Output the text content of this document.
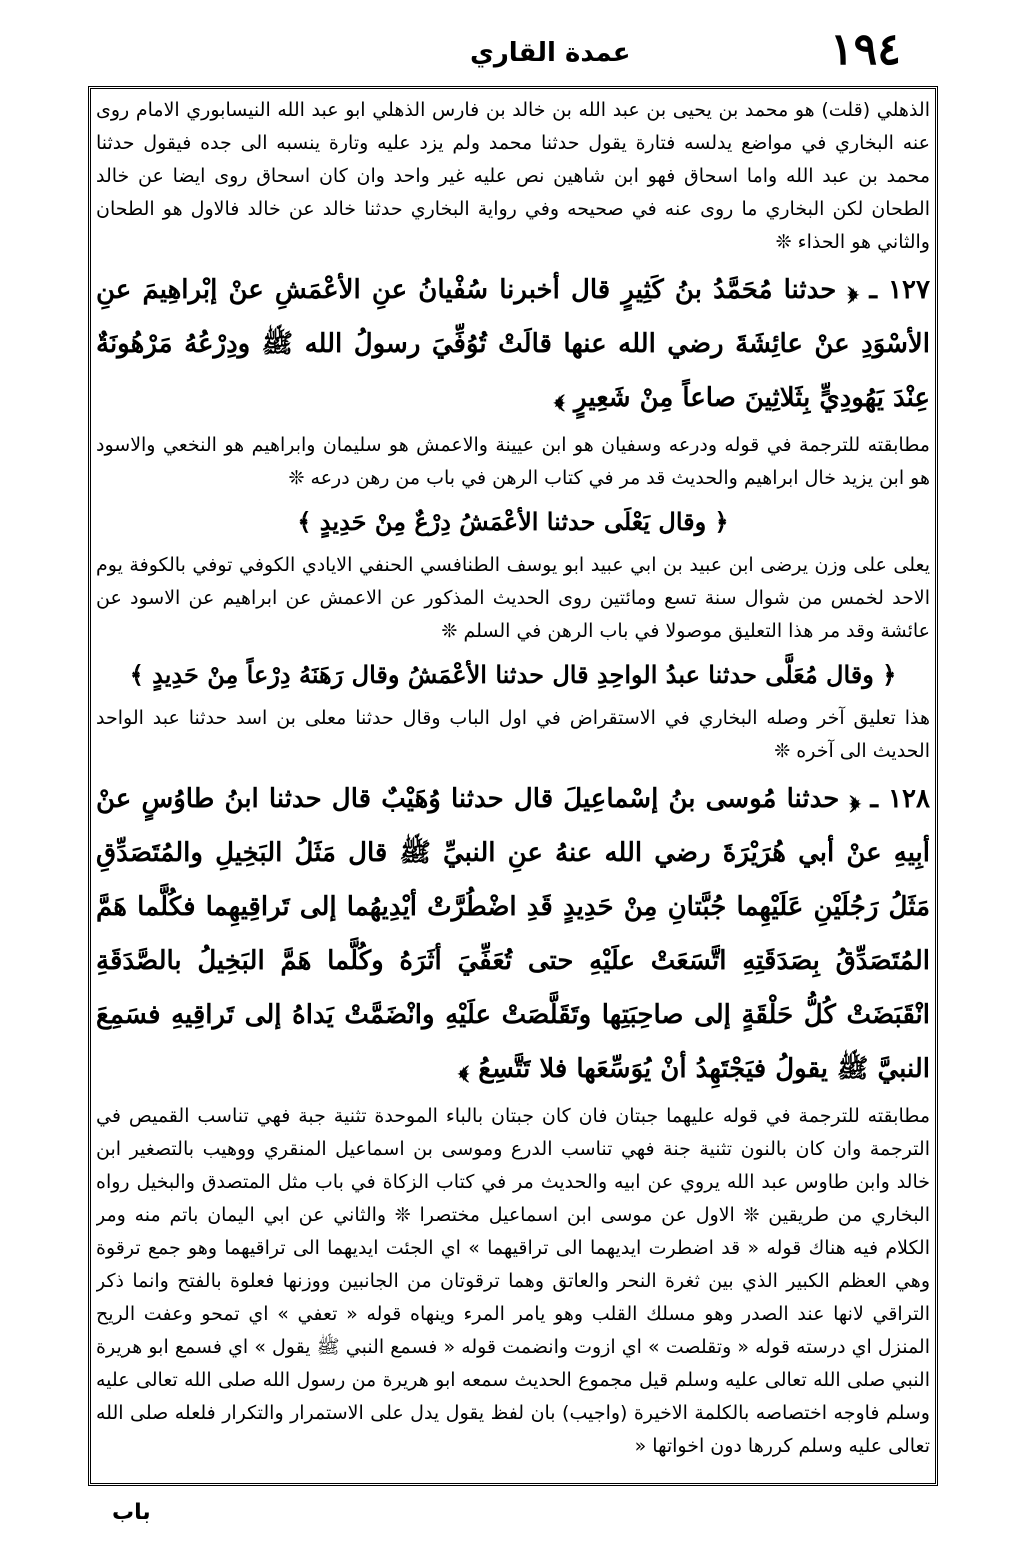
١٩٤
عمدة القاري

الذهلي (قلت) هو محمد بن يحيى بن عبد الله بن خالد بن فارس الذهلي ابو عبد الله النيسابوري الامام روى عنه البخاري في مواضع يدلسه فتارة يقول حدثنا محمد ولم يزد عليه وتارة ينسبه الى جده فيقول حدثنا محمد بن عبد الله واما اسحاق فهو ابن شاهين نص عليه غير واحد وان كان اسحاق روى ايضا عن خالد الطحان لكن البخاري ما روى عنه في صحيحه وفي رواية البخاري حدثنا خالد عن خالد فالاول هو الطحان والثاني هو الحذاء ❊

١٢٧ ـ ﴿ حدثنا مُحَمَّدُ بنُ كَثِيرٍ قال أخبرنا سُفْيانُ عنِ الأعْمَشِ عنْ إبْراهِيمَ عنِ الأسْوَدِ عنْ عائِشَةَ رضي الله عنها قالَتْ تُوُفِّيَ رسولُ الله ﷺ ودِرْعُهُ مَرْهُونَةٌ عِنْدَ يَهُودِيٍّ بِثَلاثِينَ صاعاً مِنْ شَعِيرٍ ﴾

مطابقته للترجمة في قوله ودرعه وسفيان هو ابن عيينة والاعمش هو سليمان وابراهيم هو النخعي والاسود هو ابن يزيد خال ابراهيم والحديث قد مر في كتاب الرهن في باب من رهن درعه ❊

﴿ وقال يَعْلَى حدثنا الأعْمَشُ دِرْعٌ مِنْ حَدِيدٍ ﴾

يعلى على وزن يرضى ابن عبيد بن ابي عبيد ابو يوسف الطنافسي الحنفي الايادي الكوفي توفي بالكوفة يوم الاحد لخمس من شوال سنة تسع ومائتين روى الحديث المذكور عن الاعمش عن ابراهيم عن الاسود عن عائشة وقد مر هذا التعليق موصولا في باب الرهن في السلم ❊

﴿ وقال مُعَلَّى حدثنا عبدُ الواحِدِ قال حدثنا الأعْمَشُ وقال رَهَنَهُ دِرْعاً مِنْ حَدِيدٍ ﴾

هذا تعليق آخر وصله البخاري في الاستقراض في اول الباب وقال حدثنا معلى بن اسد حدثنا عبد الواحد الحديث الى آخره ❊

١٢٨ ـ ﴿ حدثنا مُوسى بنُ إسْماعِيلَ قال حدثنا وُهَيْبٌ قال حدثنا ابنُ طاوُسٍ عنْ أبِيهِ عنْ أبي هُرَيْرَةَ رضي الله عنهُ عنِ النبيِّ ﷺ قال مَثَلُ البَخِيلِ والمُتَصَدِّقِ مَثَلُ رَجُلَيْنِ عَلَيْهِما جُبَّتانِ مِنْ حَدِيدٍ قَدِ اضْطُرَّتْ أيْدِيهُما إلى تَراقِيهِما فكُلَّما هَمَّ المُتَصَدِّقُ بِصَدَقَتِهِ اتَّسَعَتْ علَيْهِ حتى تُعَفِّيَ أثَرَهُ وكُلَّما هَمَّ البَخِيلُ بالصَّدَقَةِ انْقَبَضَتْ كُلُّ حَلْقَةٍ إلى صاحِبَتِها وتَقَلَّصَتْ علَيْهِ وانْضَمَّتْ يَداهُ إلى تَراقِيهِ فسَمِعَ النبيَّ ﷺ يقولُ فيَجْتَهِدُ أنْ يُوَسِّعَها فلا تَتَّسِعُ ﴾

مطابقته للترجمة في قوله عليهما جبتان فان كان جبتان بالباء الموحدة تثنية جبة فهي تناسب القميص في الترجمة وان كان بالنون تثنية جنة فهي تناسب الدرع وموسى بن اسماعيل المنقري ووهيب بالتصغير ابن خالد وابن طاوس عبد الله يروي عن ابيه والحديث مر في كتاب الزكاة في باب مثل المتصدق والبخيل رواه البخاري من طريقين ❊ الاول عن موسى ابن اسماعيل مختصرا ❊ والثاني عن ابي اليمان باتم منه ومر الكلام فيه هناك قوله « قد اضطرت ايديهما الى تراقيهما » اي الجئت ايديهما الى تراقيهما وهو جمع ترقوة وهي العظم الكبير الذي بين ثغرة النحر والعاتق وهما ترقوتان من الجانبين ووزنها فعلوة بالفتح وانما ذكر التراقي لانها عند الصدر وهو مسلك القلب وهو يامر المرء وينهاه قوله « تعفي » اي تمحو وعفت الريح المنزل اي درسته قوله « وتقلصت » اي ازوت وانضمت قوله « فسمع النبي ﷺ يقول » اي فسمع ابو هريرة النبي صلى الله تعالى عليه وسلم قيل مجموع الحديث سمعه ابو هريرة من رسول الله صلى الله تعالى عليه وسلم فاوجه اختصاصه بالكلمة الاخيرة (واجيب) بان لفظ يقول يدل على الاستمرار والتكرار فلعله صلى الله تعالى عليه وسلم كررها دون اخواتها «

باب
